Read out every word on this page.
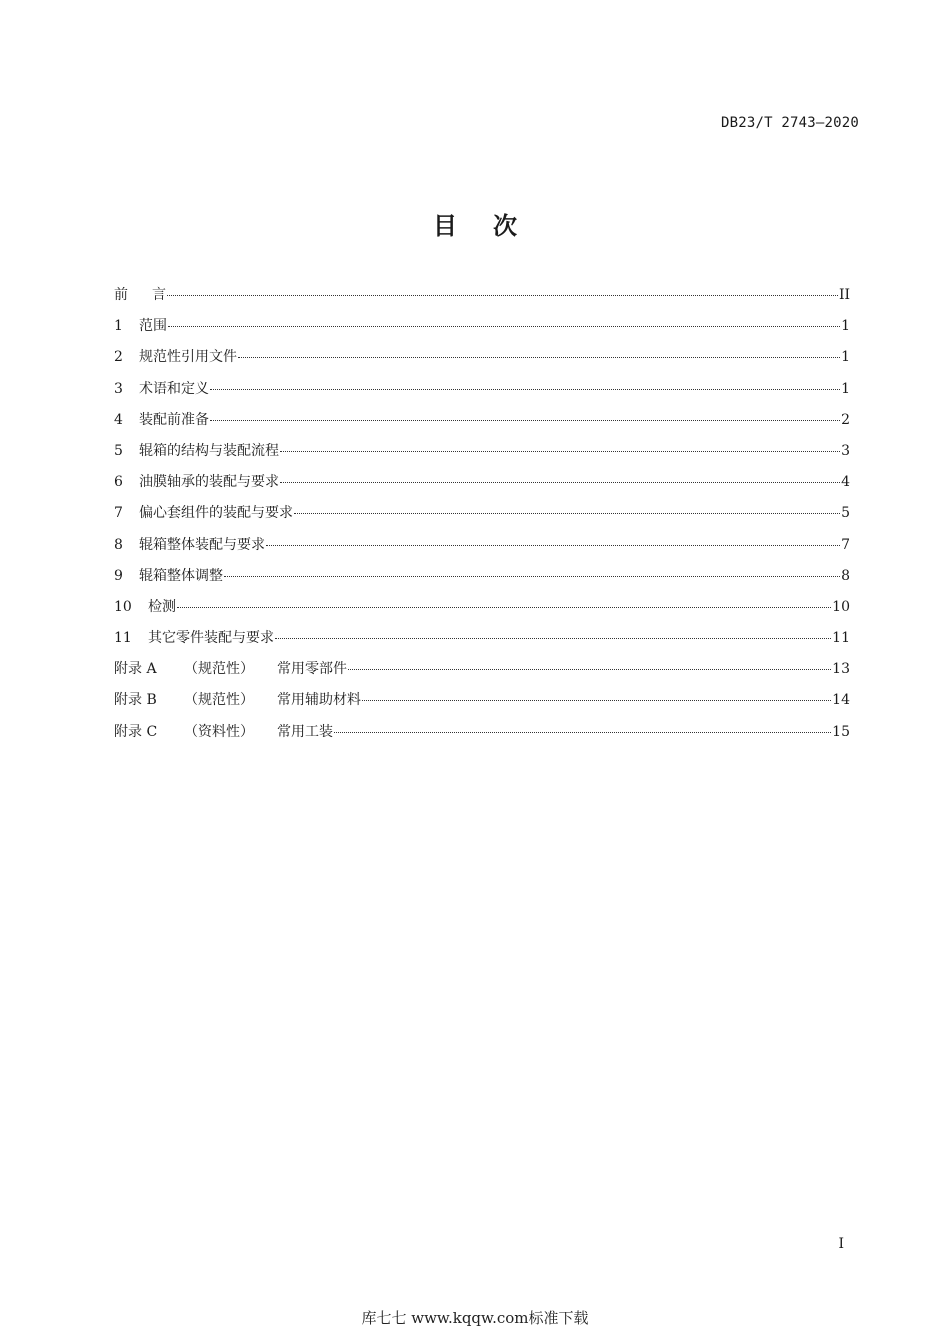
DB23/T 2743—2020
目 次
前 言	II
1	范围	1
2	规范性引用文件	1
3	术语和定义	1
4	装配前准备	2
5	辊箱的结构与装配流程	3
6	油膜轴承的装配与要求	4
7	偏心套组件的装配与要求	5
8	辊箱整体装配与要求	7
9	辊箱整体调整	8
10	检测	10
11	其它零件装配与要求	11
附录 A	（规范性）	常用零部件	13
附录 B	（规范性）	常用辅助材料	14
附录 C	（资料性）	常用工装	15
I
库七七 www.kqqw.com标准下载
